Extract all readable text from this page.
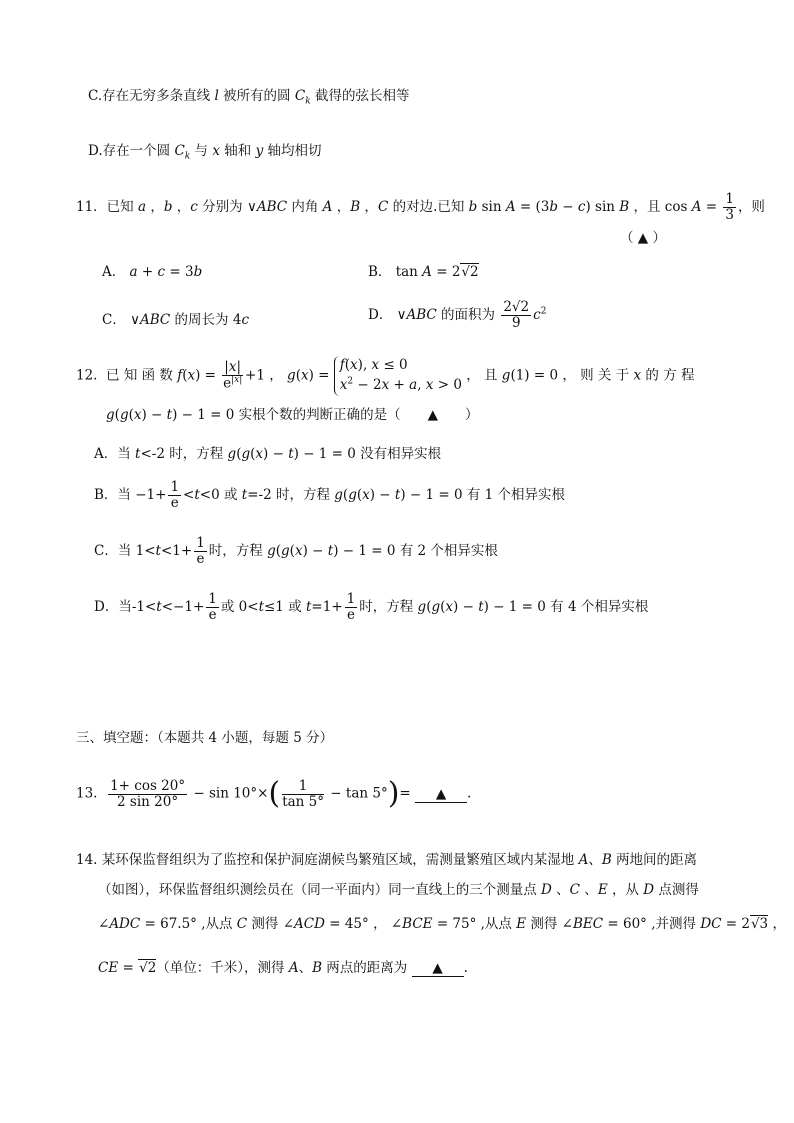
C.存在无穷多条直线 l 被所有的圆 $C_k$ 截得的弦长相等
D.存在一个圆 $C_k$ 与 x 轴和 y 轴均相切
11．已知 a ，b ，c 分别为 ∨ABC 内角 A ，B ，C 的对边.已知 b sin A = (3b − c) sin B ，且 $\cos A = \frac{1}{3}$ ，则
（ ▲ ）
A． a + c = 3b	B． tan A = 2√2
C． ∨ABC 的周长为 4c	D． ∨ABC 的面积为 $\frac{2√2}{9} c^2$
12.  已 知 函 数 $f(x) = \frac{|x|}{e^{|x|}} +1$ ， g(x) = f(x), x ≤ 0
$x^2 - 2x + a$, x > 0 ， 且 g(1) = 0 ， 则 关 于 x 的 方 程
g(g(x) − t) − 1 = 0 实根个数的判断正确的是（　　▲　　）
A．当 t<-2 时，方程 g(g(x) − t) − 1 = 0 没有相异实根
B．当 $-1+ \frac{1}{e} <t<0$ 或 t=-2 时，方程 g(g(x) − t) − 1 = 0 有 1 个相异实根
C．当 $1<t<1+ \frac{1}{e}$ 时，方程 g(g(x) − t) − 1 = 0 有 2 个相异实根
D．当$-1<t<-1+ \frac{1}{e}$ 或 0<t≤1 或 $t=1+ \frac{1}{e}$ 时，方程 g(g(x) − t) − 1 = 0 有 4 个相异实根
三、填空题：（本题共 4 小题，每题 5 分）
13. $\frac{1+ \cos 20^\circ}{2 \sin 20^\circ} - \sin 10^\circ\times( \frac{1}{\tan 5^\circ} - \tan 5^\circ)=$ ▲ .
14. 某环保监督组织为了监控和保护洞庭湖候鸟繁殖区域，需测量繁殖区域内某湿地 A、B 两地间的距离
（如图），环保监督组织测绘员在（同一平面内）同一直线上的三个测量点 D 、C 、E ，从 D 点测得
∠ADC = 67.5° ,从点 C 测得 ∠ACD = 45° ， ∠BCE = 75° ,从点 E 测得 ∠BEC = 60° ,并测得 DC = 2√3 ，
CE = √2（单位：千米），测得 A、B 两点的距离为 ▲ .
